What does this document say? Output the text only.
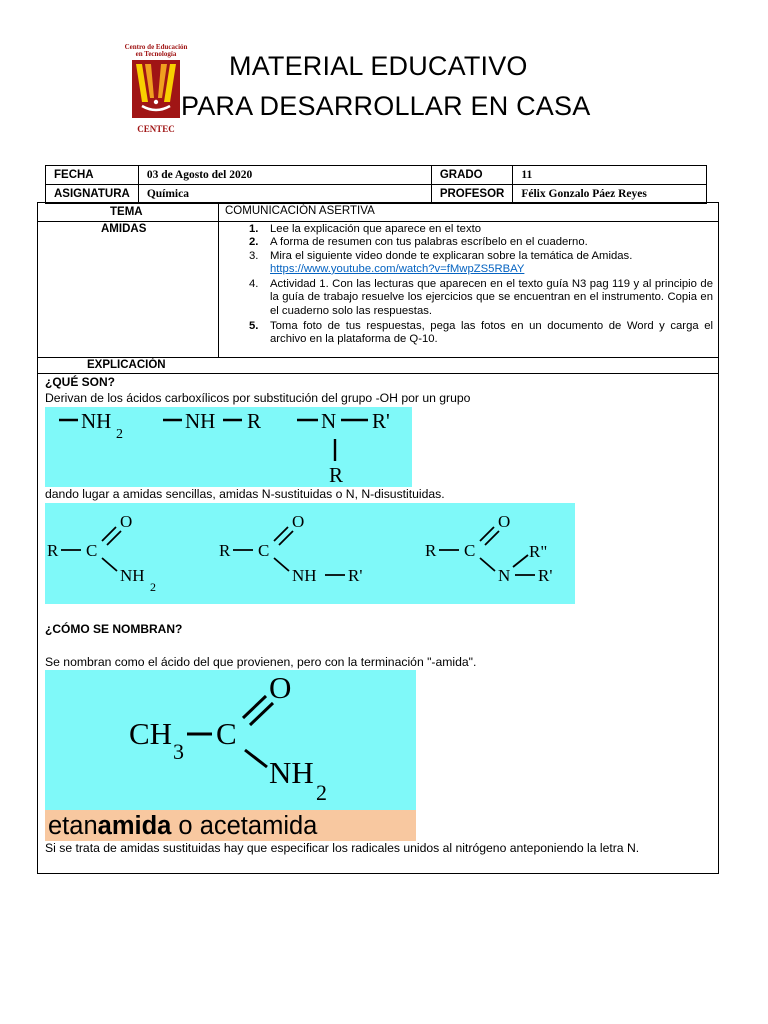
Centro de Educación
en Tecnología
CENTEC
MATERIAL EDUCATIVO
PARA DESARROLLAR EN CASA
FECHA	03 de Agosto del 2020	GRADO	11
ASIGNATURA	Química	PROFESOR	Félix Gonzalo Páez Reyes
TEMA	COMUNICACIÓN ASERTIVA
AMIDAS	1. Lee la explicación que aparece en el texto
2. A forma de resumen con tus palabras escríbelo en el cuaderno.
3. Mira el siguiente video donde te explicaran sobre la temática de Amidas.
https://www.youtube.com/watch?v=fMwpZS5RBAY
4. Actividad 1. Con las lecturas que aparecen en el texto guía N3 pag 119 y al principio de la guía de trabajo resuelve los ejercicios que se encuentran en el instrumento. Copia en el cuaderno solo las respuestas.
5. Toma foto de tus respuestas, pega las fotos en un documento de Word y carga el archivo en la plataforma de Q-10.
EXPLICACIÓN
¿QUÉ SON?
Derivan de los ácidos carboxílicos por substitución del grupo -OH por un grupo
NH
2
NH R	N R'
R
dando lugar a amidas sencillas, amidas N-sustituidas o N, N-disustituidas.
R C
O
NH
2
R C
O
NH R'
R C
O
N
R"
R'
¿CÓMO SE NOMBRAN?
Se nombran como el ácido del que provienen, pero con la terminación "-amida".
CH
3
C
O
NH
2
etanamida o acetamida
Si se trata de amidas sustituidas hay que especificar los radicales unidos al nitrógeno anteponiendo la letra N.
